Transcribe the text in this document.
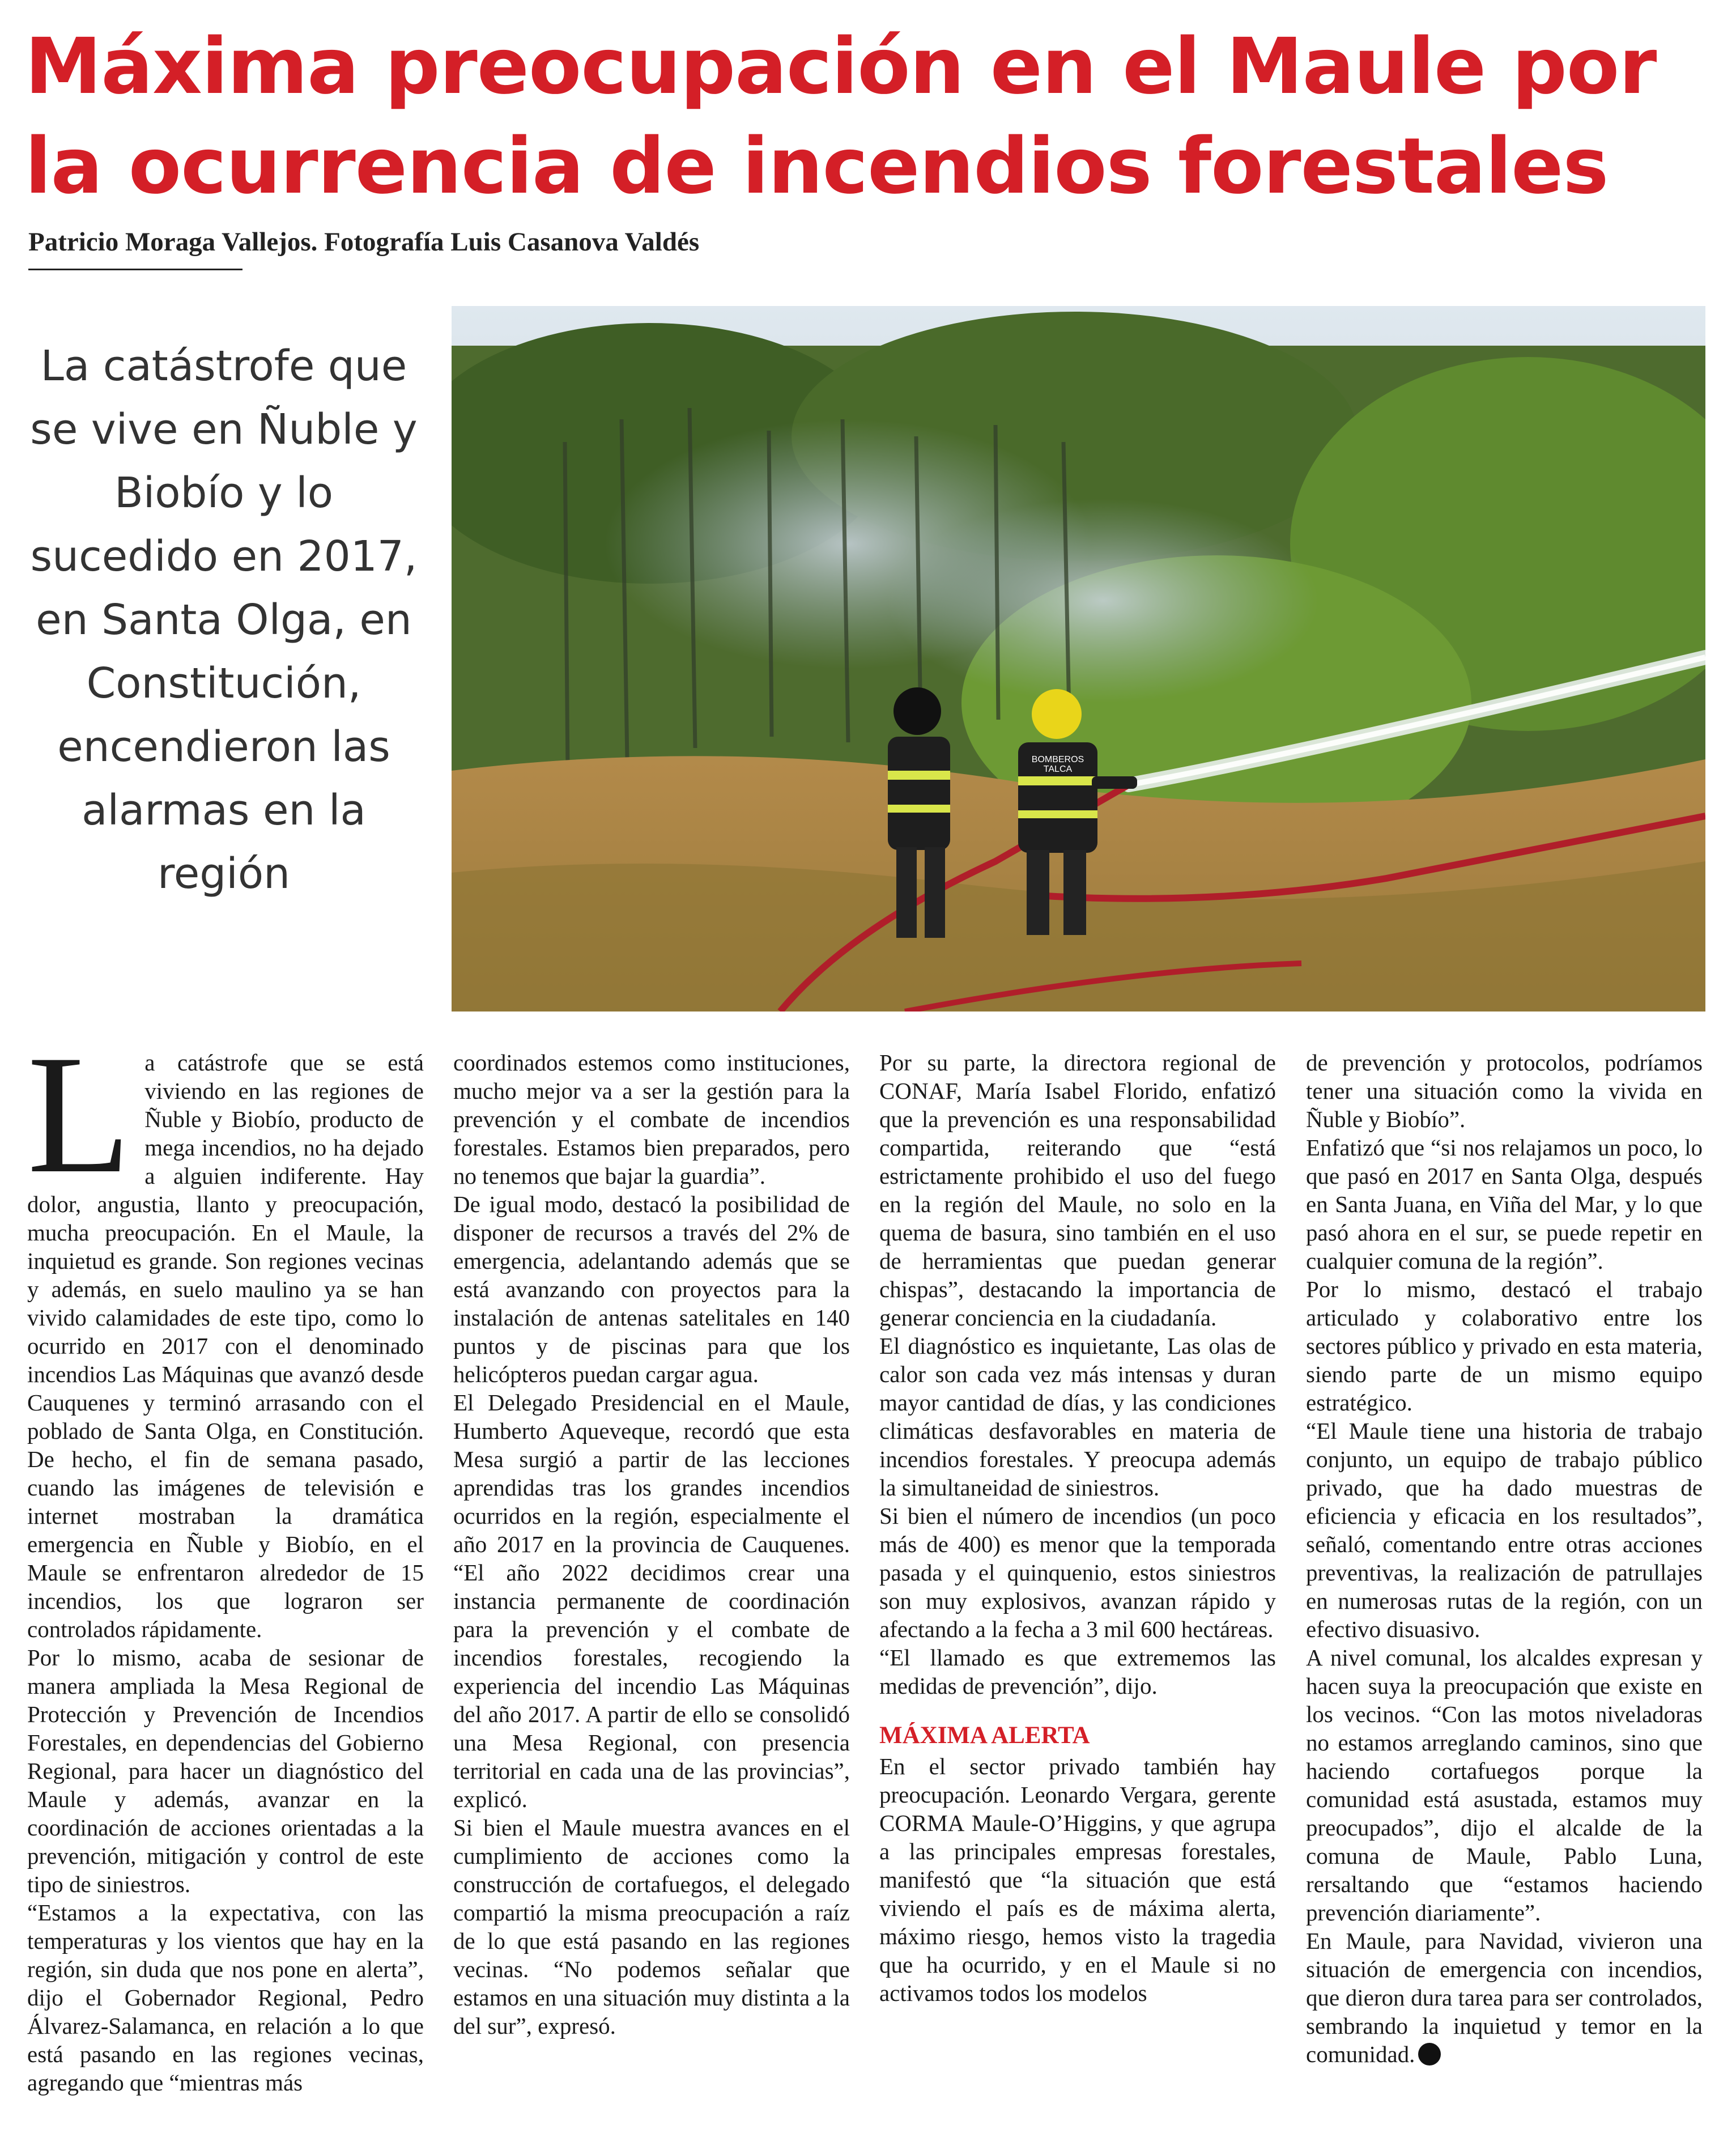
Máxima preocupación en el Maule por la ocurrencia de incendios forestales
Patricio Moraga Vallejos. Fotografía Luis Casanova Valdés
La catástrofe que se vive en Ñuble y Biobío y lo sucedido en 2017, en Santa Olga, en Constitución, encendieron las alarmas en la región
BOMBEROS
TALCA
L a catástrofe que se está viviendo en las regiones de Ñuble y Biobío, producto de mega incendios, no ha dejado a alguien indiferente. Hay dolor, angustia, llanto y preocupación, mucha preocupación. En el Maule, la inquietud es grande. Son regiones vecinas y además, en suelo maulino ya se han vivido calamidades de este tipo, como lo ocurrido en 2017 con el denominado incendios Las Máquinas que avanzó desde Cauquenes y terminó arrasando con el poblado de Santa Olga, en Constitución. De hecho, el fin de semana pasado, cuando las imágenes de televisión e internet mostraban la dramática emergencia en Ñuble y Biobío, en el Maule se enfrentaron alrededor de 15 incendios, los que lograron ser controlados rápidamente.

Por lo mismo, acaba de sesionar de manera ampliada la Mesa Regional de Protección y Prevención de Incendios Forestales, en dependencias del Gobierno Regional, para hacer un diagnóstico del Maule y además, avanzar en la coordinación de acciones orientadas a la prevención, mitigación y control de este tipo de siniestros.

“Estamos a la expectativa, con las temperaturas y los vientos que hay en la región, sin duda que nos pone en alerta”, dijo el Gobernador Regional, Pedro Álvarez-Salamanca, en relación a lo que está pasando en las regiones vecinas, agregando que “mientras más

coordinados estemos como instituciones, mucho mejor va a ser la gestión para la prevención y el combate de incendios forestales. Estamos bien preparados, pero no tenemos que bajar la guardia”.

De igual modo, destacó la posibilidad de disponer de recursos a través del 2% de emergencia, adelantando además que se está avanzando con proyectos para la instalación de antenas satelitales en 140 puntos y de piscinas para que los helicópteros puedan cargar agua.

El Delegado Presidencial en el Maule, Humberto Aqueveque, recordó que esta Mesa surgió a partir de las lecciones aprendidas tras los grandes incendios ocurridos en la región, especialmente el año 2017 en la provincia de Cauquenes. “El año 2022 decidimos crear una instancia permanente de coordinación para la prevención y el combate de incendios forestales, recogiendo la experiencia del incendio Las Máquinas del año 2017. A partir de ello se consolidó una Mesa Regional, con presencia territorial en cada una de las provincias”, explicó.

Si bien el Maule muestra avances en el cumplimiento de acciones como la construcción de cortafuegos, el delegado compartió la misma preocupación a raíz de lo que está pasando en las regiones vecinas. “No podemos señalar que estamos en una situación muy distinta a la del sur”, expresó.

Por su parte, la directora regional de CONAF, María Isabel Florido, enfatizó que la prevención es una responsabilidad compartida, reiterando que “está estrictamente prohibido el uso del fuego en la región del Maule, no solo en la quema de basura, sino también en el uso de herramientas que puedan generar chispas”, destacando la importancia de generar conciencia en la ciudadanía.

El diagnóstico es inquietante, Las olas de calor son cada vez más intensas y duran mayor cantidad de días, y las condiciones climáticas desfavorables en materia de incendios forestales. Y preocupa además la simultaneidad de siniestros.

Si bien el número de incendios (un poco más de 400) es menor que la temporada pasada y el quinquenio, estos siniestros son muy explosivos, avanzan rápido y afectando a la fecha a 3 mil 600 hectáreas.

“El llamado es que extrememos las medidas de prevención”, dijo.

MÁXIMA ALERTA

En el sector privado también hay preocupación. Leonardo Vergara, gerente CORMA Maule-O’Higgins, y que agrupa a las principales empresas forestales, manifestó que “la situación que está viviendo el país es de máxima alerta, máximo riesgo, hemos visto la tragedia que ha ocurrido, y en el Maule si no activamos todos los modelos

de prevención y protocolos, podríamos tener una situación como la vivida en Ñuble y Biobío”.

Enfatizó que “si nos relajamos un poco, lo que pasó en 2017 en Santa Olga, después en Santa Juana, en Viña del Mar, y lo que pasó ahora en el sur, se puede repetir en cualquier comuna de la región”.

Por lo mismo, destacó el trabajo articulado y colaborativo entre los sectores público y privado en esta materia, siendo parte de un mismo equipo estratégico.

“El Maule tiene una historia de trabajo conjunto, un equipo de trabajo público privado, que ha dado muestras de eficiencia y eficacia en los resultados”, señaló, comentando entre otras acciones preventivas, la realización de patrullajes en numerosas rutas de la región, con un efectivo disuasivo.

A nivel comunal, los alcaldes expresan y hacen suya la preocupación que existe en los vecinos. “Con las motos niveladoras no estamos arreglando caminos, sino que haciendo cortafuegos porque la comunidad está asustada, estamos muy preocupados”, dijo el alcalde de la comuna de Maule, Pablo Luna, rersaltando que “estamos haciendo prevención diariamente”.

En Maule, para Navidad, vivieron una situación de emergencia con incendios, que dieron dura tarea para ser controlados, sembrando la inquietud y temor en la comunidad.
